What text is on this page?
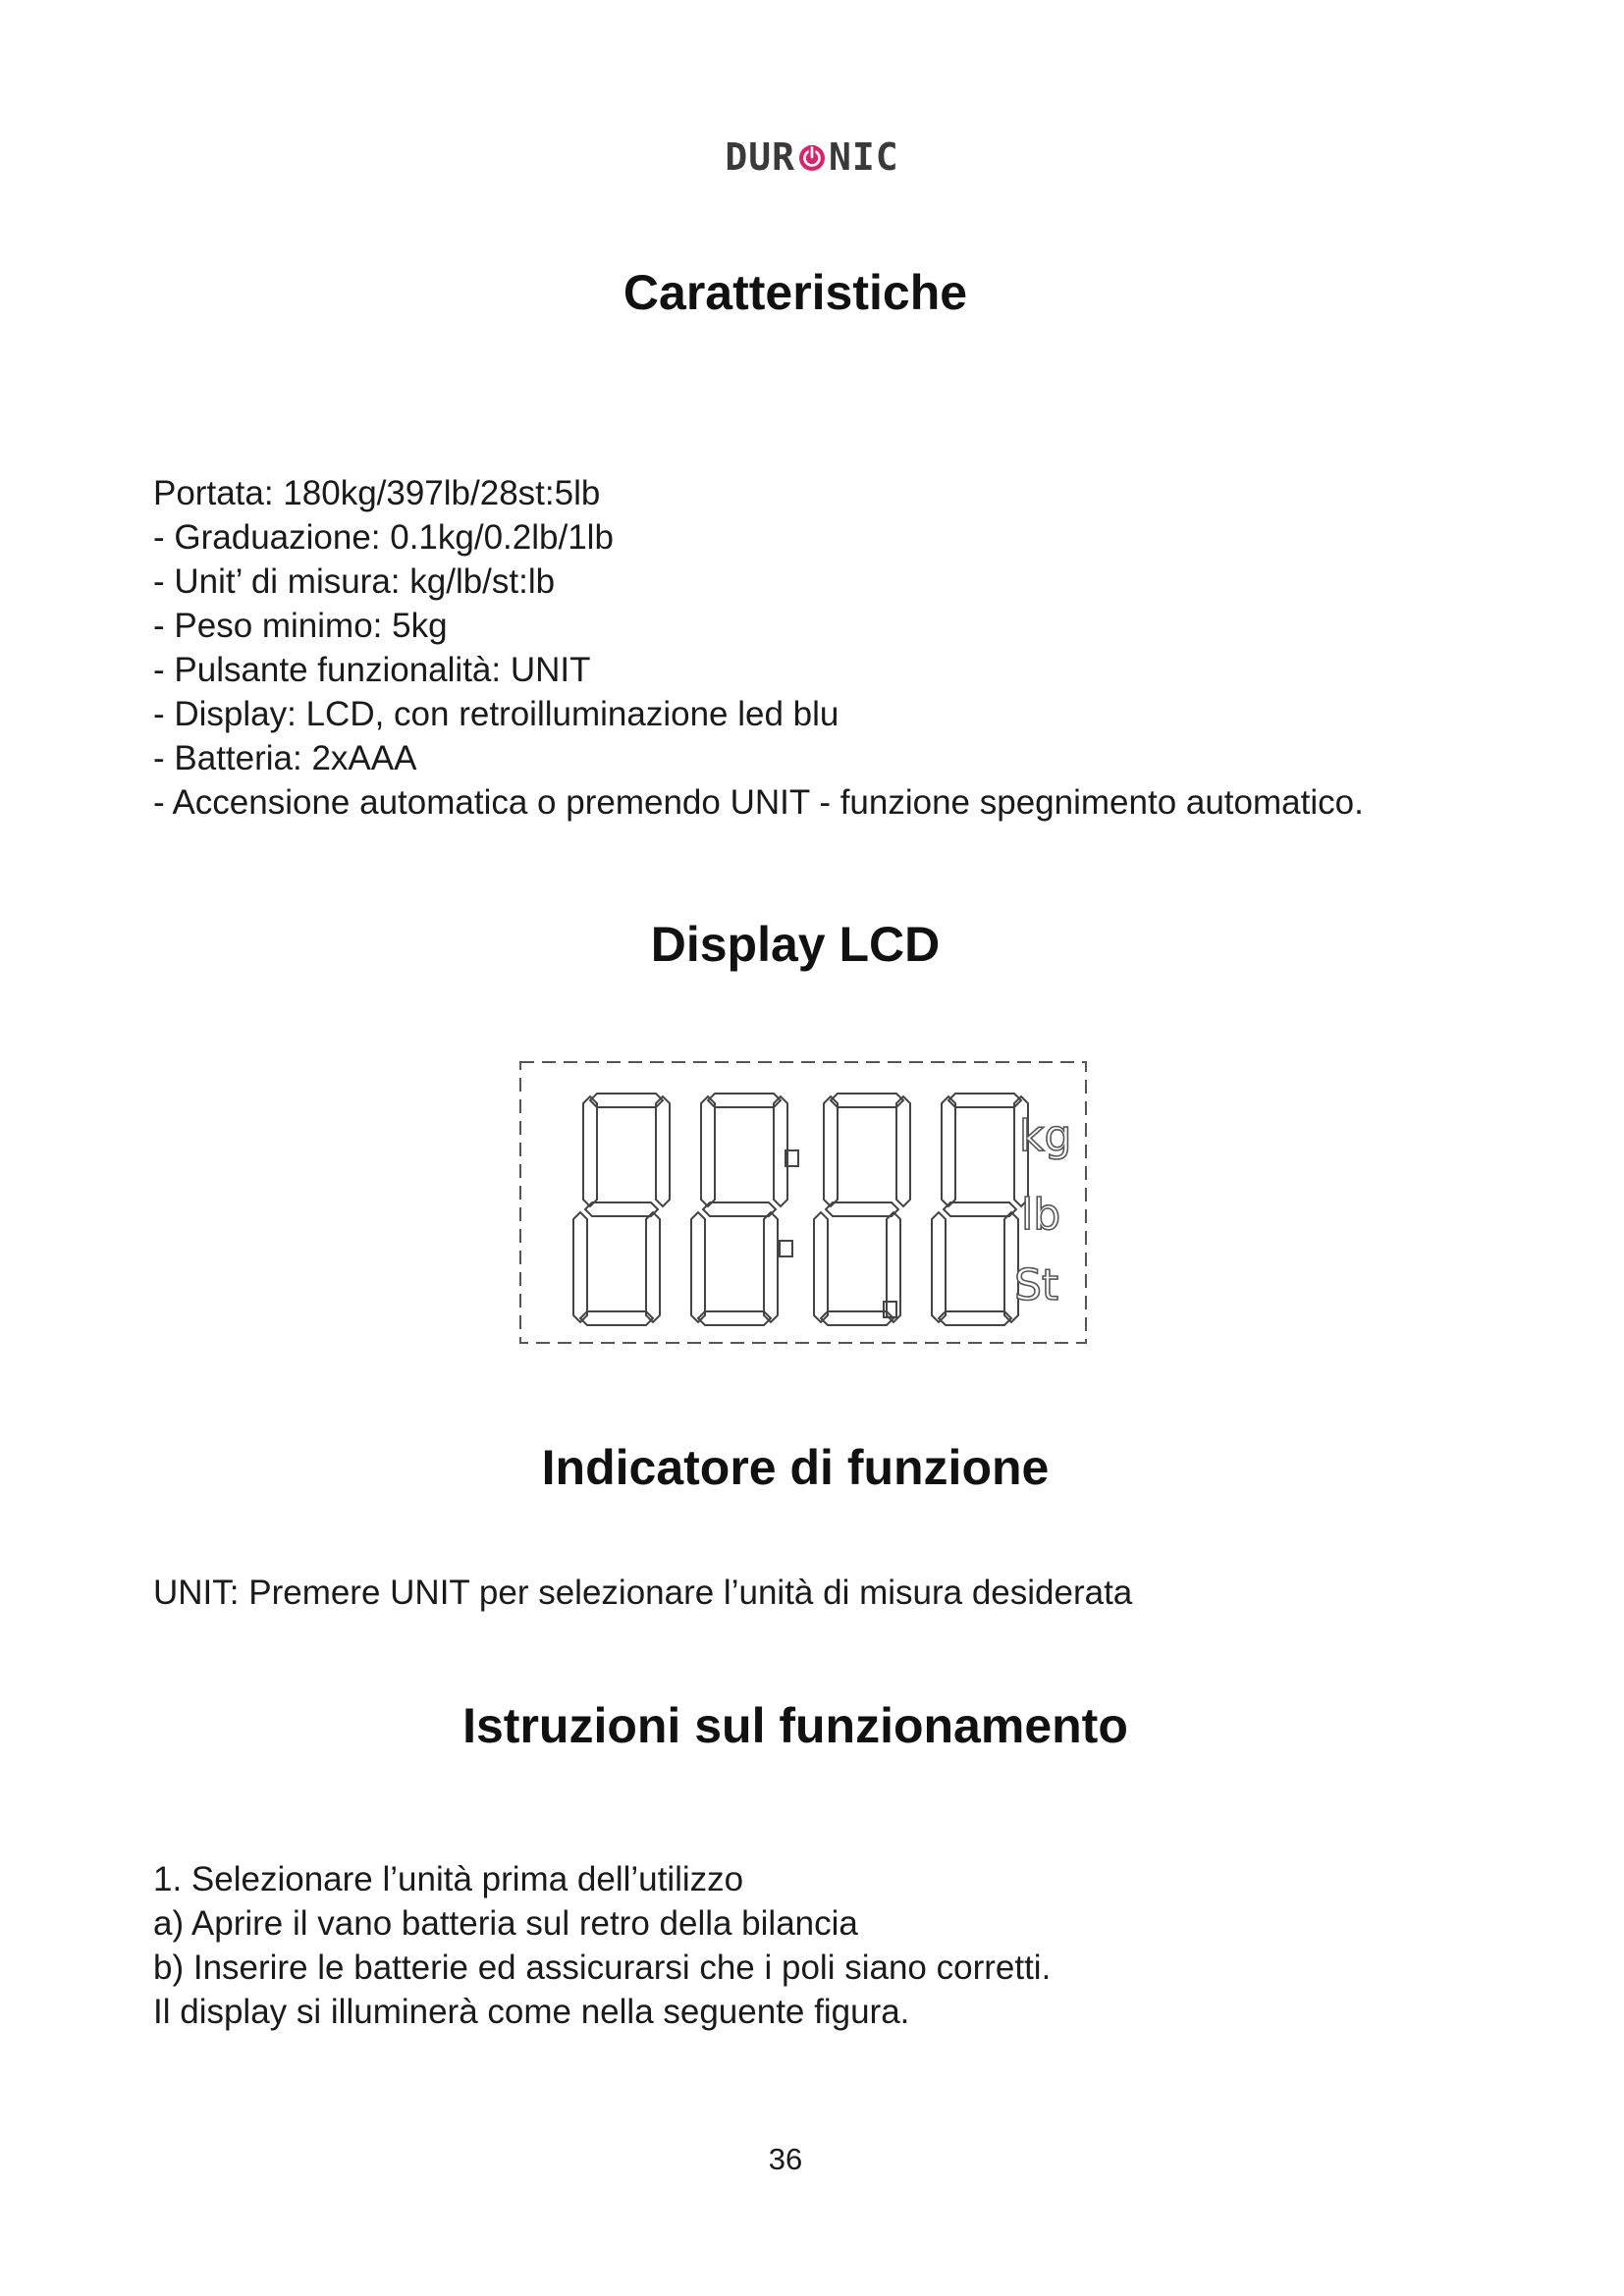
DUR NIC
Caratteristiche
Portata: 180kg/397lb/28st:5lb
- Graduazione: 0.1kg/0.2lb/1lb
- Unit’ di misura: kg/lb/st:lb
- Peso minimo: 5kg
- Pulsante funzionalità: UNIT
- Display: LCD, con retroilluminazione led blu
- Batteria: 2xAAA
- Accensione automatica o premendo UNIT - funzione spegnimento automatico.
Display LCD
kg
lb
St
Indicatore di funzione

UNIT: Premere UNIT per selezionare l’unità di misura desiderata

Istruzioni sul funzionamento
1. Selezionare l’unità prima dell’utilizzo
a) Aprire il vano batteria sul retro della bilancia
b) Inserire le batterie ed assicurarsi che i poli siano corretti.
Il display si illuminerà come nella seguente figura.
36
